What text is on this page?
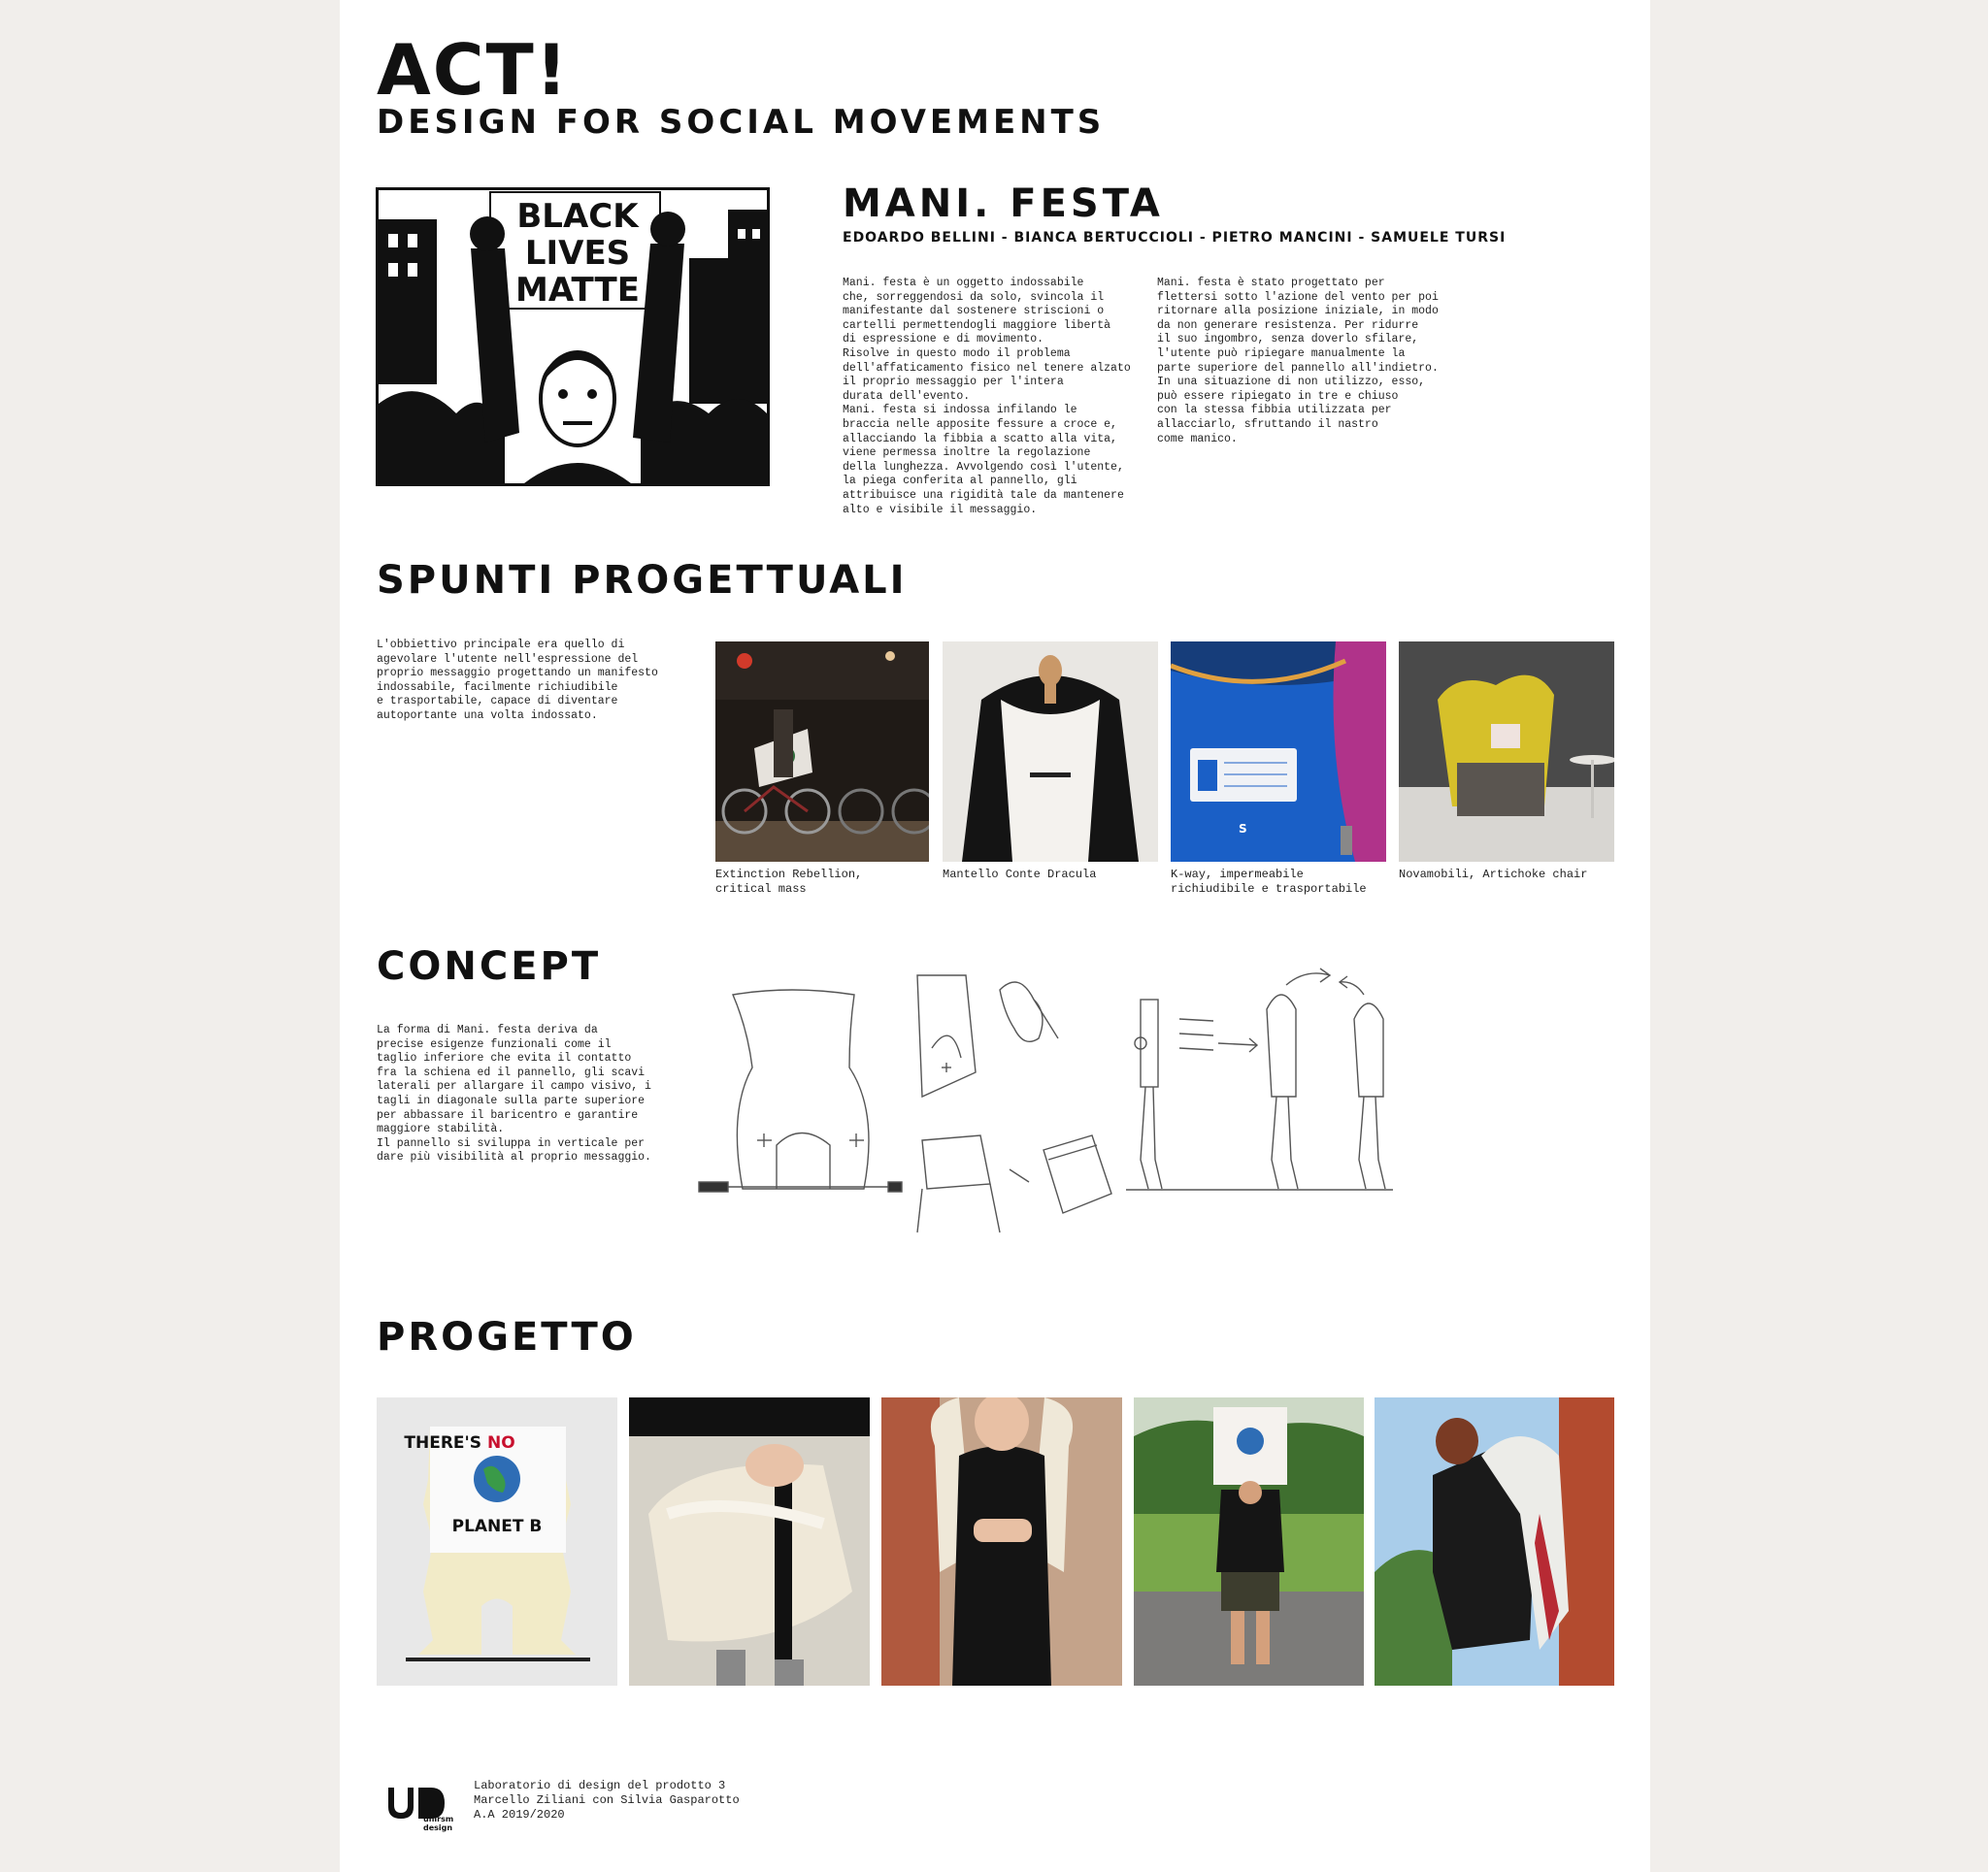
ACT!
DESIGN FOR SOCIAL MOVEMENTS
BLACK
LIVES
MATTE
MANI. FESTA
EDOARDO BELLINI - BIANCA BERTUCCIOLI - PIETRO MANCINI - SAMUELE TURSI
Mani. festa è un oggetto indossabile
che, sorreggendosi da solo, svincola il
manifestante dal sostenere striscioni o
cartelli permettendogli maggiore libertà
di espressione e di movimento.
Risolve in questo modo il problema
dell'affaticamento fisico nel tenere alzato
il proprio messaggio per l'intera
durata dell'evento.
Mani. festa si indossa infilando le
braccia nelle apposite fessure a croce e,
allacciando la fibbia a scatto alla vita,
viene permessa inoltre la regolazione
della lunghezza. Avvolgendo così l'utente,
la piega conferita al pannello, gli
attribuisce una rigidità tale da mantenere
alto e visibile il messaggio.
Mani. festa è stato progettato per
flettersi sotto l'azione del vento per poi
ritornare alla posizione iniziale, in modo
da non generare resistenza. Per ridurre
il suo ingombro, senza doverlo sfilare,
l'utente può ripiegare manualmente la
parte superiore del pannello all'indietro.
In una situazione di non utilizzo, esso,
può essere ripiegato in tre e chiuso
con la stessa fibbia utilizzata per
allacciarlo, sfruttando il nastro
come manico.
SPUNTI PROGETTUALI
L'obbiettivo principale era quello di
agevolare l'utente nell'espressione del
proprio messaggio progettando un manifesto
indossabile, facilmente richiudibile
e trasportabile, capace di diventare
autoportante una volta indossato.
S
Extinction Rebellion,
critical mass
Mantello Conte Dracula	K-way, impermeabile
richiudibile e trasportabile
Novamobili, Artichoke chair
CONCEPT
La forma di Mani. festa deriva da
precise esigenze funzionali come il
taglio inferiore che evita il contatto
fra la schiena ed il pannello, gli scavi
laterali per allargare il campo visivo, i
tagli in diagonale sulla parte superiore
per abbassare il baricentro e garantire
maggiore stabilità.
Il pannello si sviluppa in verticale per
dare più visibilità al proprio messaggio.
PROGETTO
THERE'S NO
PLANET B
unirsm
design
Laboratorio di design del prodotto 3
Marcello Ziliani con Silvia Gasparotto
A.A 2019/2020
